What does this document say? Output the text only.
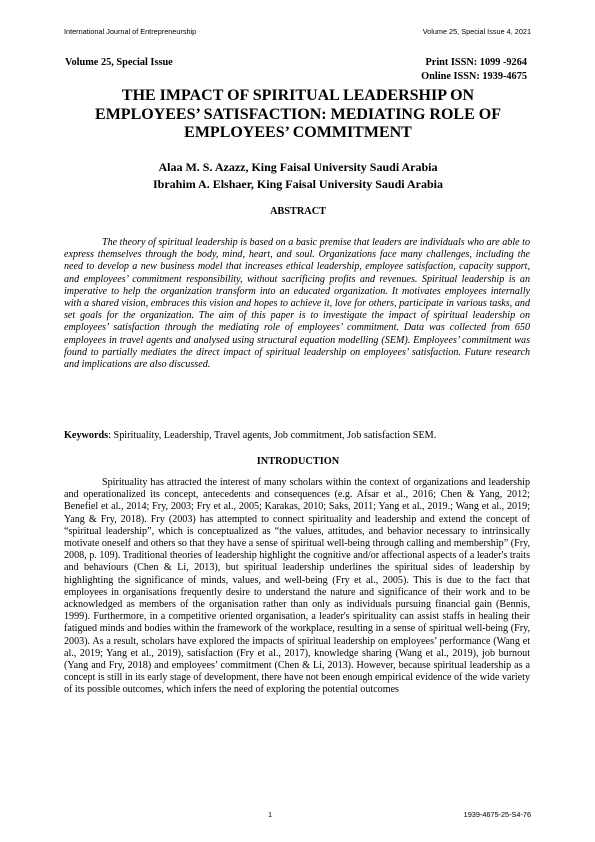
International Journal of Entrepreneurship	Volume 25, Special Issue 4, 2021
Volume 25, Special Issue	Print ISSN: 1099 -9264
Online ISSN: 1939-4675
THE IMPACT OF SPIRITUAL LEADERSHIP ON
EMPLOYEES’ SATISFACTION: MEDIATING ROLE OF
EMPLOYEES’ COMMITMENT
Alaa M. S. Azazz, King Faisal University Saudi Arabia
Ibrahim A. Elshaer, King Faisal University Saudi Arabia
ABSTRACT

The theory of spiritual leadership is based on a basic premise that leaders are individuals who are able to express themselves through the body, mind, heart, and soul. Organizations face many challenges, including the need to develop a new business model that increases ethical leadership, employee satisfaction, capacity support, and employees’ commitment responsibility, without sacrificing profits and revenues. Spiritual leadership is an imperative to help the organization transform into an educated organization. It motivates employees internally with a shared vision, embraces this vision and hopes to achieve it, love for others, participate in various tasks, and set goals for the organization. The aim of this paper is to investigate the impact of spiritual leadership on employees’ satisfaction through the mediating role of employees’ commitment. Data was collected from 650 employees in travel agents and analysed using structural equation modelling (SEM). Employees’ commitment was found to partially mediates the direct impact of spiritual leadership on employees’ satisfaction. Future research and implications are also discussed.

Keywords: Spirituality, Leadership, Travel agents, Job commitment, Job satisfaction SEM.

INTRODUCTION

Spirituality has attracted the interest of many scholars within the context of organizations and leadership and operationalized its concept, antecedents and consequences (e.g. Afsar et al., 2016; Chen & Yang, 2012; Benefiel et al., 2014; Fry, 2003; Fry et al., 2005; Karakas, 2010; Saks, 2011; Yang et al., 2019.; Wang et al., 2019; Yang & Fry, 2018). Fry (2003) has attempted to connect spirituality and leadership and extend the concept of “spiritual leadership”, which is conceptualized as “the values, attitudes, and behavior necessary to intrinsically motivate oneself and others so that they have a sense of spiritual well-being through calling and membership” (Fry, 2008, p. 109). Traditional theories of leadership highlight the cognitive and/or affectional aspects of a leader's traits and behaviours (Chen & Li, 2013), but spiritual leadership underlines the spiritual sides of leadership by highlighting the significance of minds, values, and well-being (Fry et al., 2005). This is due to the fact that employees in organisations frequently desire to understand the nature and significance of their work and to be acknowledged as members of the organisation rather than only as individuals pursuing financial gain (Bennis, 1999). Furthermore, in a competitive oriented organisation, a leader's spirituality can assist staffs in healing their fatigued minds and bodies within the framework of the workplace, resulting in a sense of spiritual well-being (Fry, 2003). As a result, scholars have explored the impacts of spiritual leadership on employees’ performance (Wang et al., 2019; Yang et al., 2019), satisfaction (Fry et al., 2017), knowledge sharing (Wang et al., 2019), job burnout (Yang and Fry, 2018) and employees’ commitment (Chen & Li, 2013). However, because spiritual leadership as a concept is still in its early stage of development, there have not been enough empirical evidence of the wide variety of its possible outcomes, which infers the need of exploring the potential outcomes

1	1939-4675-25-S4-76
